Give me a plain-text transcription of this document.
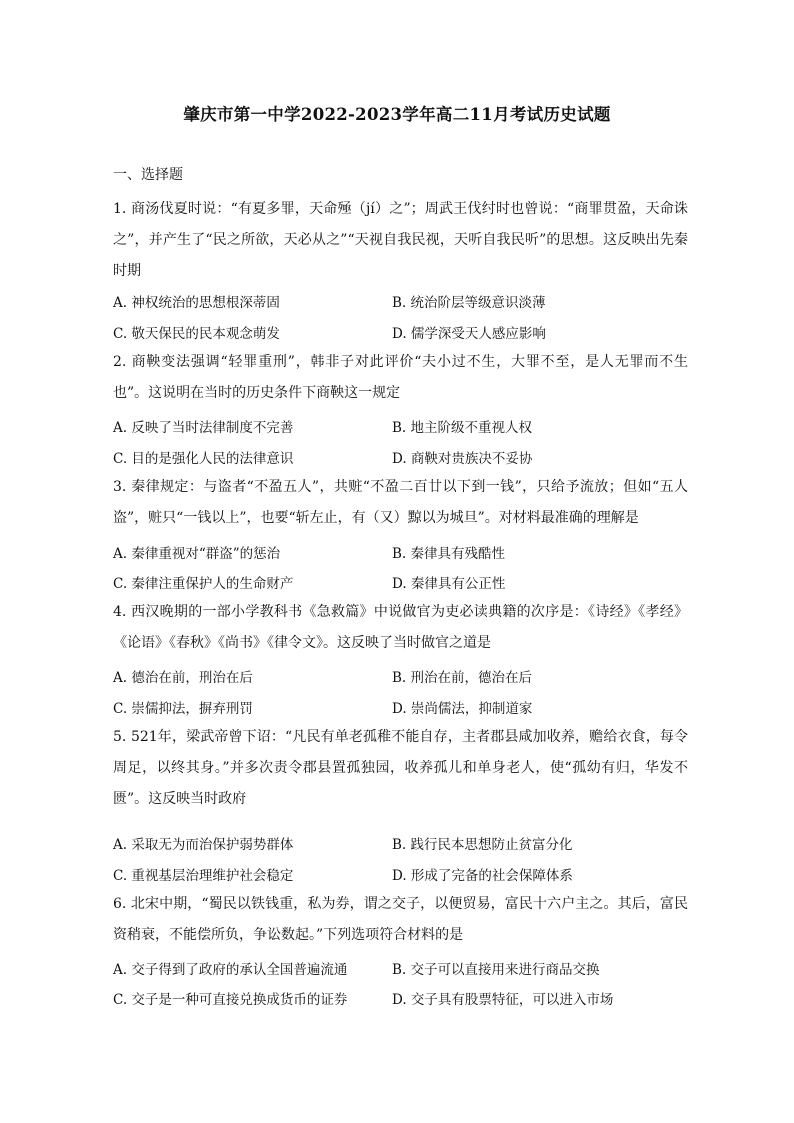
肇庆市第一中学2022-2023学年高二11月考试历史试题
一、选择题
1. 商汤伐夏时说：“有夏多罪，天命殛（jí）之”；周武王伐纣时也曾说：“商罪贯盈，天命诛之”，并产生了“民之所欲，天必从之”“天视自我民视，天听自我民听”的思想。这反映出先秦时期
A. 神权统治的思想根深蒂固	B. 统治阶层等级意识淡薄
C. 敬天保民的民本观念萌发	D. 儒学深受天人感应影响
2. 商鞅变法强调“轻罪重刑”，韩非子对此评价“夫小过不生，大罪不至，是人无罪而不生也”。这说明在当时的历史条件下商鞅这一规定
A. 反映了当时法律制度不完善	B. 地主阶级不重视人权
C. 目的是强化人民的法律意识	D. 商鞅对贵族决不妥协
3. 秦律规定：与盗者“不盈五人”，共赃“不盈二百廿以下到一钱”，只给予流放；但如“五人盗”，赃只“一钱以上”，也要“斩左止，有（又）黥以为城旦”。对材料最准确的理解是
A. 秦律重视对“群盗”的惩治	B. 秦律具有残酷性
C. 秦律注重保护人的生命财产	D. 秦律具有公正性
4. 西汉晚期的一部小学教科书《急救篇》中说做官为吏必读典籍的次序是：《诗经》《孝经》《论语》《春秋》《尚书》《律令文》。这反映了当时做官之道是
A. 德治在前，刑治在后	B. 刑治在前，德治在后
C. 崇儒抑法，摒弃刑罚	D. 崇尚儒法，抑制道家
5. 521年，梁武帝曾下诏：“凡民有单老孤稚不能自存，主者郡县咸加收养，赡给衣食，每令周足，以终其身。”并多次责令郡县置孤独园，收养孤儿和单身老人，使“孤幼有归，华发不匮”。这反映当时政府
A. 采取无为而治保护弱势群体	B. 践行民本思想防止贫富分化
C. 重视基层治理维护社会稳定	D. 形成了完备的社会保障体系
6. 北宋中期，“蜀民以铁钱重，私为券，谓之交子，以便贸易，富民十六户主之。其后，富民资稍衰，不能偿所负，争讼数起。”下列选项符合材料的是
A. 交子得到了政府的承认全国普遍流通	B. 交子可以直接用来进行商品交换
C. 交子是一种可直接兑换成货币的证券	D. 交子具有股票特征，可以进入市场
